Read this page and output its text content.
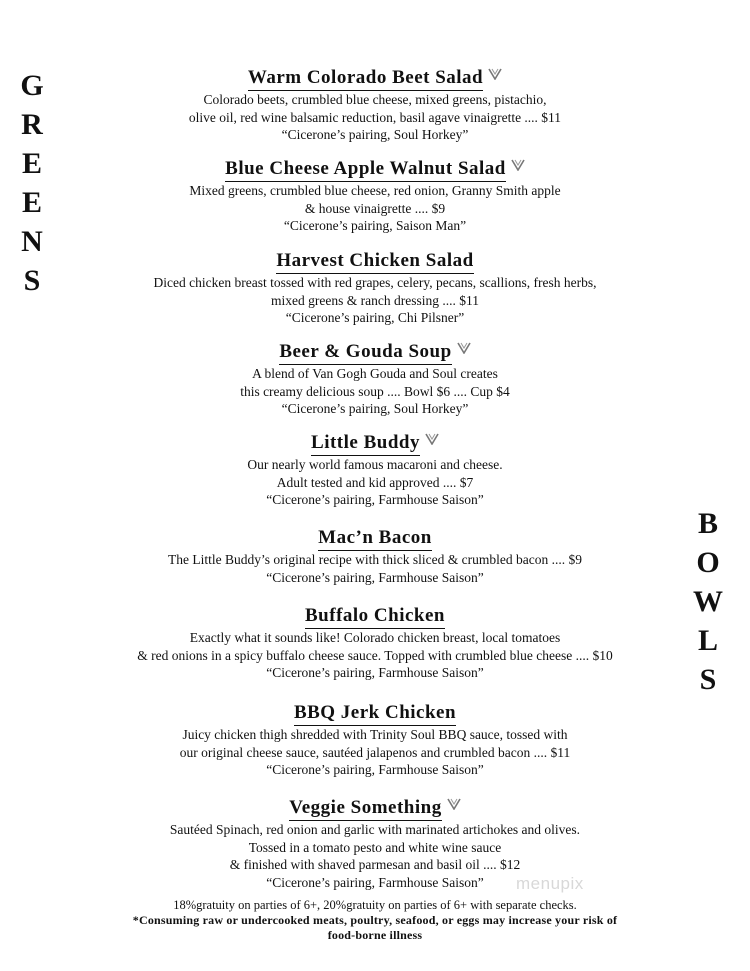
G
R
E
E
N
S
B
O
W
L
S
Warm Colorado Beet Salad

Colorado beets, crumbled blue cheese, mixed greens, pistachio,

olive oil, red wine balsamic reduction, basil agave vinaigrette .... $11

“Cicerone’s pairing, Soul Horkey”

Blue Cheese Apple Walnut Salad

Mixed greens, crumbled blue cheese, red onion, Granny Smith apple

& house vinaigrette .... $9

“Cicerone’s pairing, Saison Man”

Harvest Chicken Salad

Diced chicken breast tossed with red grapes, celery, pecans, scallions, fresh herbs,

mixed greens & ranch dressing .... $11

“Cicerone’s pairing, Chi Pilsner”

Beer & Gouda Soup

A blend of Van Gogh Gouda and Soul creates

this creamy delicious soup .... Bowl $6 .... Cup $4

“Cicerone’s pairing, Soul Horkey”

Little Buddy

Our nearly world famous macaroni and cheese.

Adult tested and kid approved .... $7

“Cicerone’s pairing, Farmhouse Saison”

Mac’n Bacon

The Little Buddy’s original recipe with thick sliced & crumbled bacon .... $9

“Cicerone’s pairing, Farmhouse Saison”

Buffalo Chicken

Exactly what it sounds like! Colorado chicken breast, local tomatoes

& red onions in a spicy buffalo cheese sauce. Topped with crumbled blue cheese .... $10

“Cicerone’s pairing, Farmhouse Saison”

BBQ Jerk Chicken

Juicy chicken thigh shredded with Trinity Soul BBQ sauce, tossed with

our original cheese sauce, sautéed jalapenos and crumbled bacon .... $11

“Cicerone’s pairing, Farmhouse Saison”

Veggie Something

Sautéed Spinach, red onion and garlic with marinated artichokes and olives.

Tossed in a tomato pesto and white wine sauce

& finished with shaved parmesan and basil oil .... $12

“Cicerone’s pairing, Farmhouse Saison”

18%gratuity on parties of 6+, 20%gratuity on parties of 6+ with separate checks.

*Consuming raw or undercooked meats, poultry, seafood, or eggs may increase your risk of

food-borne illness

menupix
